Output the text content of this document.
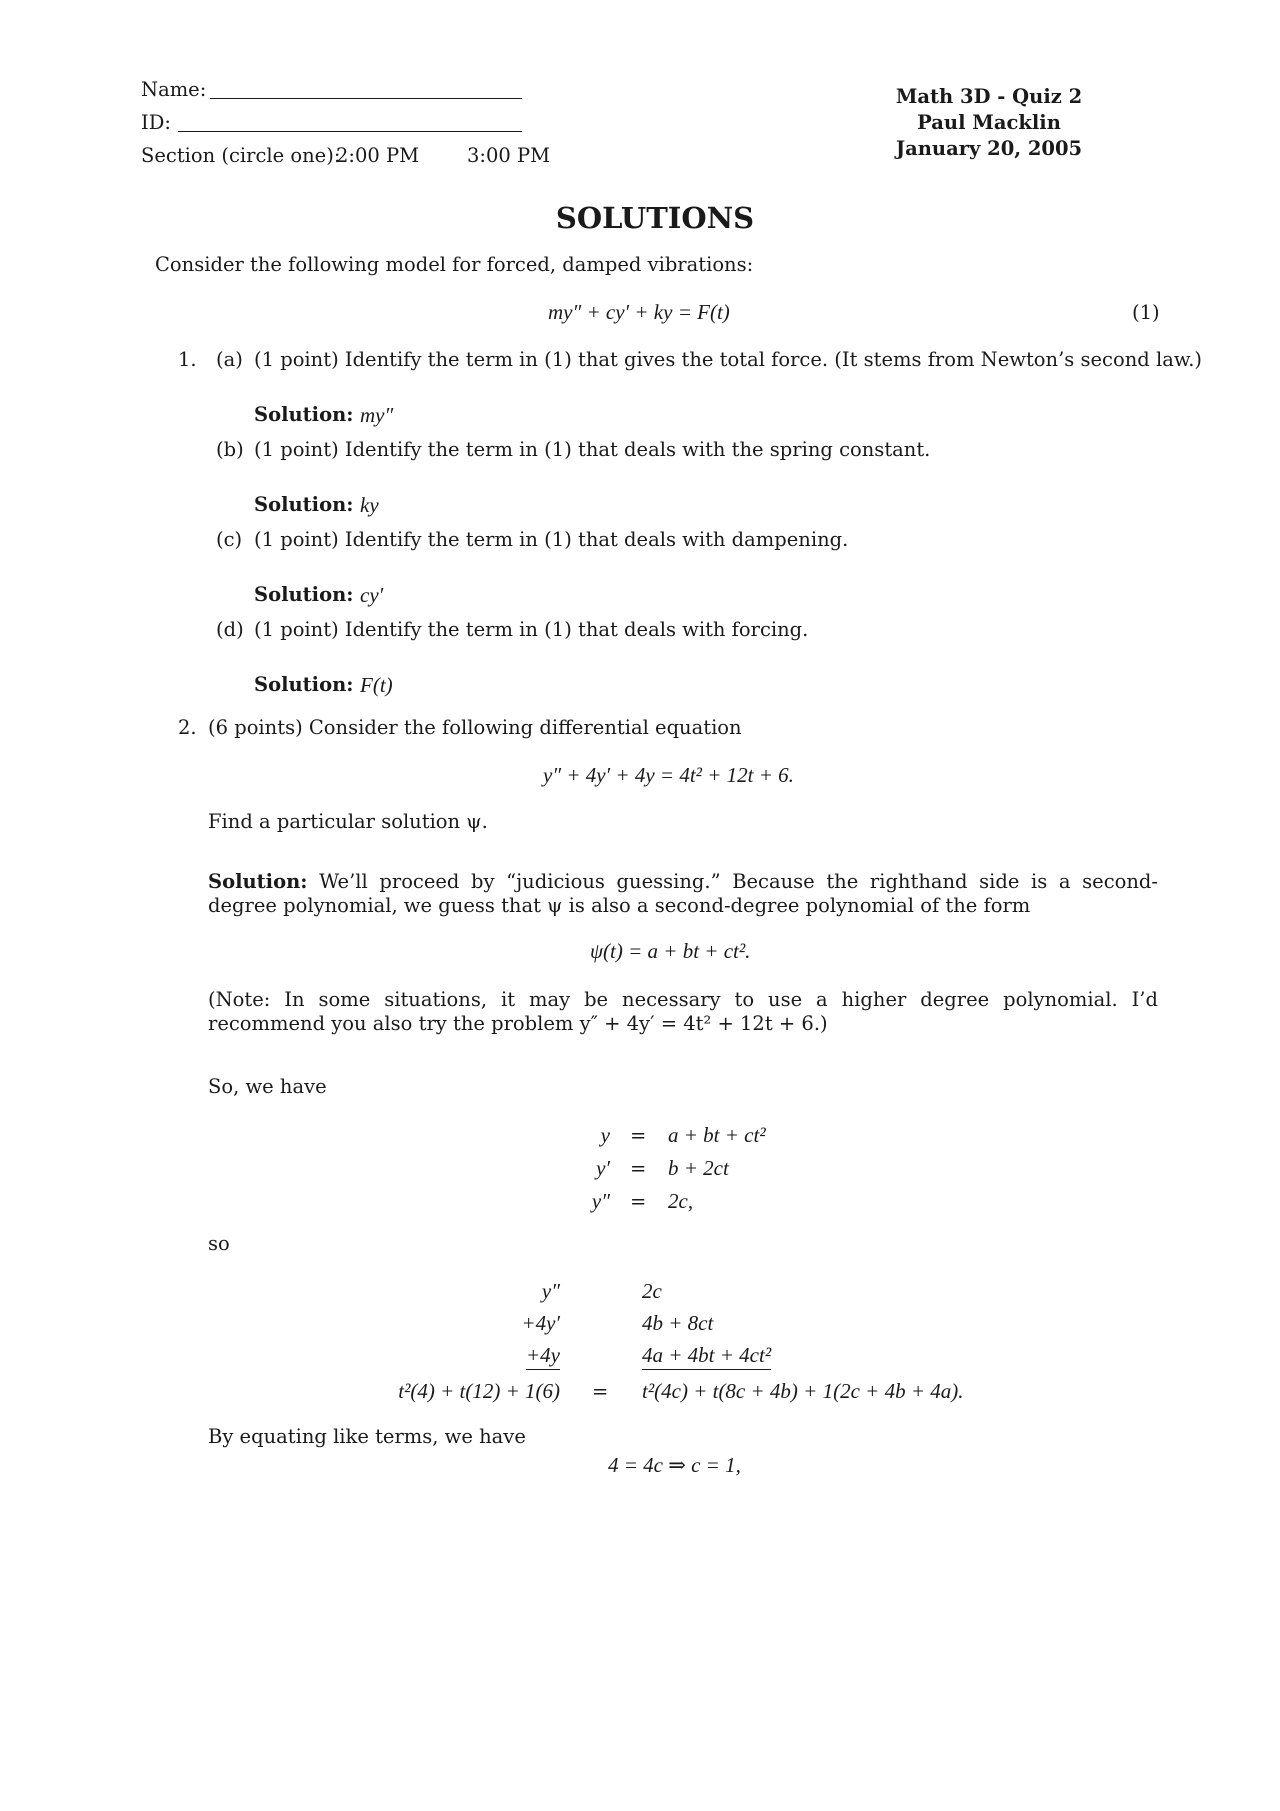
Name:
ID:
Section (circle one):
2:00 PM 3:00 PM
Math 3D - Quiz 2
Paul Macklin
January 20, 2005
SOLUTIONS
Consider the following model for forced, damped vibrations:
my″ + cy′ + ky = F(t)	(1)
1. (a) (1 point) Identify the term in (1) that gives the total force. (It stems from Newton’s second law.)
Solution: my″
(b) (1 point) Identify the term in (1) that deals with the spring constant.
Solution: ky
(c) (1 point) Identify the term in (1) that deals with dampening.
Solution: cy′
(d) (1 point) Identify the term in (1) that deals with forcing.
Solution: F(t)
2. (6 points) Consider the following differential equation
y″ + 4y′ + 4y = 4t² + 12t + 6.
Find a particular solution ψ.
Solution: We’ll proceed by “judicious guessing.” Because the righthand side is a second-degree polynomial, we guess that ψ is also a second-degree polynomial of the form
ψ(t) = a + bt + ct².
(Note: In some situations, it may be necessary to use a higher degree polynomial. I’d recommend you also try the problem y″ + 4y′ = 4t² + 12t + 6.)
So, we have
y = a + bt + ct²
y′ = b + 2ct
y″ = 2c,
so
y″	2c
+4y′	4b + 8ct
+4y	4a + 4bt + 4ct²
t²(4) + t(12) + 1(6) = t²(4c) + t(8c + 4b) + 1(2c + 4b + 4a).
By equating like terms, we have
4 = 4c ⇒ c = 1,
